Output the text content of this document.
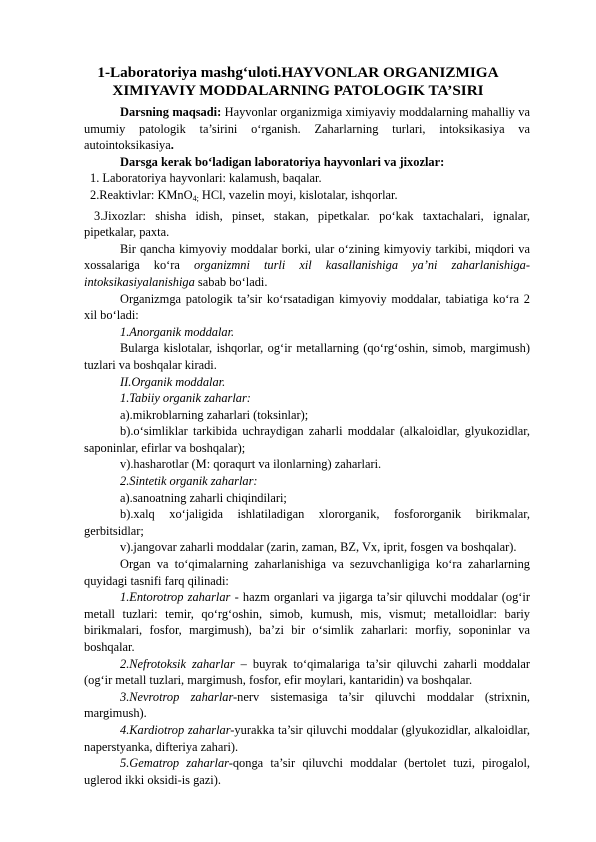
1-Laboratoriya mashg‘uloti.HAYVONLAR ORGANIZMIGA
XIMIYAVIY MODDALARNING PATOLOGIK TA’SIRI

Darsning maqsadi: Hayvonlar organizmiga ximiyaviy moddalarning mahalliy va umumiy patologik ta’sirini o‘rganish. Zaharlarning turlari, intoksikasiya va autointoksikasiya.

Darsga kerak bo‘ladigan laboratoriya hayvonlari va jixozlar:

1. Laboratoriya hayvonlari: kalamush, baqalar.

2.Reaktivlar: KMnO$_{4;}$ HCl, vazelin moyi, kislotalar, ishqorlar.

3.Jixozlar: shisha idish, pinset, stakan, pipetkalar. po‘kak taxtachalari, ignalar, pipetkalar, paxta.

Bir qancha kimyoviy moddalar borki, ular o‘zining kimyoviy tarkibi, miqdori va xossalariga ko‘ra organizmni turli xil kasallanishiga ya’ni zaharlanishiga-intoksikasiyalanishiga sabab bo‘ladi.

Organizmga patologik ta’sir ko‘rsatadigan kimyoviy moddalar, tabiatiga ko‘ra 2 xil bo‘ladi:

1.Anorganik moddalar.

Bularga kislotalar, ishqorlar, og‘ir metallarning (qo‘rg‘oshin, simob, margimush) tuzlari va boshqalar kiradi.

II.Organik moddalar.

1.Tabiiy organik zaharlar:

a).mikroblarning zaharlari (toksinlar);

b).o‘simliklar tarkibida uchraydigan zaharli moddalar (alkaloidlar, glyukozidlar, saponinlar, efirlar va boshqalar);

v).hasharotlar (M: qoraqurt va ilonlarning) zaharlari.

2.Sintetik organik zaharlar:

a).sanoatning zaharli chiqindilari;

b).xalq xo‘jaligida ishlatiladigan xlororganik, fosfororganik birikmalar, gerbitsidlar;

v).jangovar zaharli moddalar (zarin, zaman, BZ, Vx, iprit, fosgen va boshqalar).

Organ va to‘qimalarning zaharlanishiga va sezuvchanligiga ko‘ra zaharlarning quyidagi tasnifi farq qilinadi:

1.Entorotrop zaharlar - hazm organlari va jigarga ta’sir qiluvchi moddalar (og‘ir metall tuzlari: temir, qo‘rg‘oshin, simob, kumush, mis, vismut; metalloidlar: bariy birikmalari, fosfor, margimush), ba’zi bir o‘simlik zaharlari: morfiy, soponinlar va boshqalar.

2.Nefrotoksik zaharlar – buyrak to‘qimalariga ta’sir qiluvchi zaharli moddalar (og‘ir metall tuzlari, margimush, fosfor, efir moylari, kantaridin) va boshqalar.

3.Nevrotrop zaharlar-nerv sistemasiga ta’sir qiluvchi moddalar (strixnin, margimush).

4.Kardiotrop zaharlar-yurakka ta’sir qiluvchi moddalar (glyukozidlar, alkaloidlar, naperstyanka, difteriya zahari).

5.Gematrop zaharlar-qonga ta’sir qiluvchi moddalar (bertolet tuzi, pirogalol, uglerod ikki oksidi-is gazi).
